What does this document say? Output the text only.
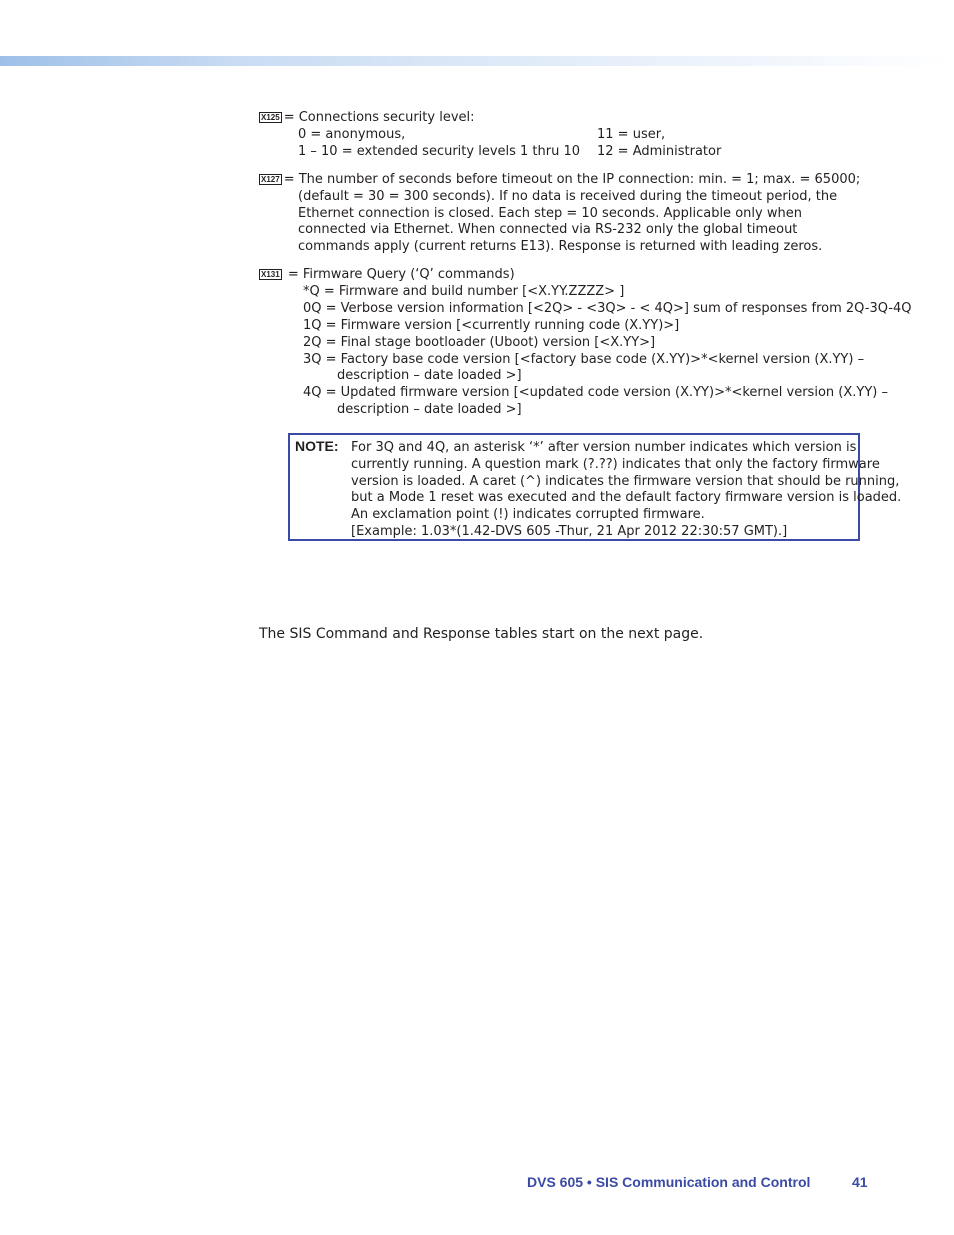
X125 = Connections security level:
0 = anonymous,	11 = user,
1 – 10 = extended security levels 1 thru 10 12 = Administrator
X127 = The number of seconds before timeout on the IP connection: min. = 1; max. = 65000;
(default = 30 = 300 seconds). If no data is received during the timeout period, the
Ethernet connection is closed. Each step = 10 seconds. Applicable only when
connected via Ethernet. When connected via RS-232 only the global timeout
commands apply (current returns E13). Response is returned with leading zeros.
X131 = Firmware Query (‘Q’ commands)
*Q = Firmware and build number [<X.YY.ZZZZ> ]
0Q = Verbose version information [<2Q> - <3Q> - < 4Q>] sum of responses from 2Q-3Q-4Q
1Q = Firmware version [<currently running code (X.YY)>]
2Q = Final stage bootloader (Uboot) version [<X.YY>]
3Q = Factory base code version [<factory base code (X.YY)>*<kernel version (X.YY) –
description – date loaded >]
4Q = Updated firmware version [<updated code version (X.YY)>*<kernel version (X.YY) –
description – date loaded >]
NOTE: For 3Q and 4Q, an asterisk ‘*’ after version number indicates which version is
currently running. A question mark (?.??) indicates that only the factory firmware
version is loaded. A caret (^) indicates the firmware version that should be running,
but a Mode 1 reset was executed and the default factory firmware version is loaded.
An exclamation point (!) indicates corrupted firmware.
[Example: 1.03*(1.42-DVS 605 -Thur, 21 Apr 2012 22:30:57 GMT).]
The SIS Command and Response tables start on the next page.
DVS 605 • SIS Communication and Control	41
